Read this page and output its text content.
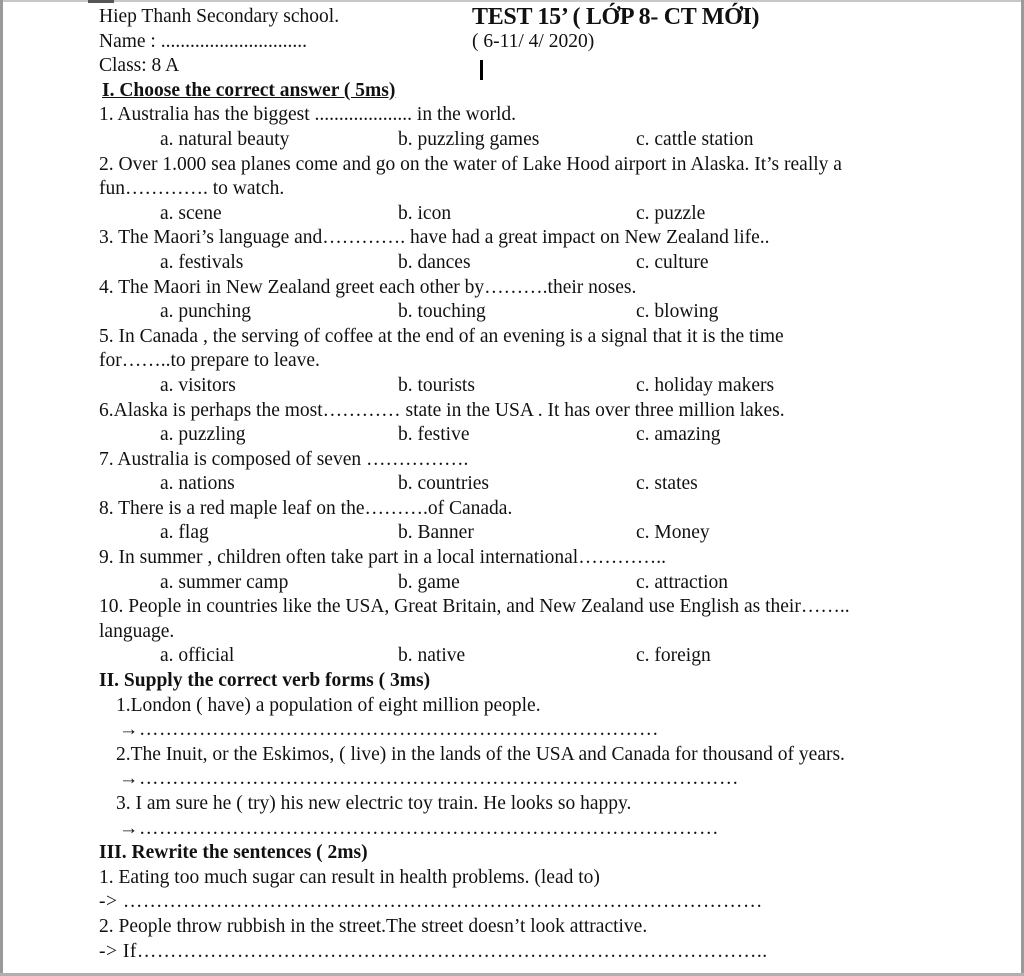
Hiep Thanh Secondary school.	TEST 15’ ( LỚP 8- CT MỚI)
Name : ..............................	( 6-11/ 4/ 2020)
Class: 8 A
I. Choose the correct answer ( 5ms)
1. Australia has the biggest .................... in the world.
a. natural beauty	b. puzzling games	c. cattle station
2. Over 1.000 sea planes come and go on the water of Lake Hood airport in Alaska. It’s really a
fun…………. to watch.
a. scene	b. icon	c. puzzle
3. The Maori’s language and…………. have had a great impact on New Zealand life..
a. festivals	b. dances	c. culture
4. The Maori in New Zealand greet each other by……….their noses.
a. punching	b. touching	c. blowing
5. In Canada , the serving of coffee at the end of an evening is a signal that it is the time
for……..to prepare to leave.
a. visitors	b. tourists	c. holiday makers
6.Alaska is perhaps the most………… state in the USA . It has over three million lakes.
a. puzzling	b. festive	c. amazing
7. Australia is composed of seven …………….
a. nations	b. countries	c. states
8. There is a red maple leaf on the……….of Canada.
a. flag	b. Banner	c. Money
9. In summer , children often take part in a local international…………..
a. summer camp	b. game	c. attraction
10. People in countries like the USA, Great Britain, and New Zealand use English as their……..
language.
a. official	b. native	c. foreign
II. Supply the correct verb forms ( 3ms)
1.London ( have) a population of eight million people.
→……………………………………………………………………
2.The Inuit, or the Eskimos, ( live) in the lands of the USA and Canada for thousand of years.
→………………………………………………………………………………
3. I am sure he ( try) his new electric toy train. He looks so happy.
→……………………………………………………………………………
III. Rewrite the sentences ( 2ms)
1. Eating too much sugar can result in health problems. (lead to)
-> ……………………………………………………………………………………
2. People throw rubbish in the street.The street doesn’t look attractive.
-> If…………………………………………………………………………………..
